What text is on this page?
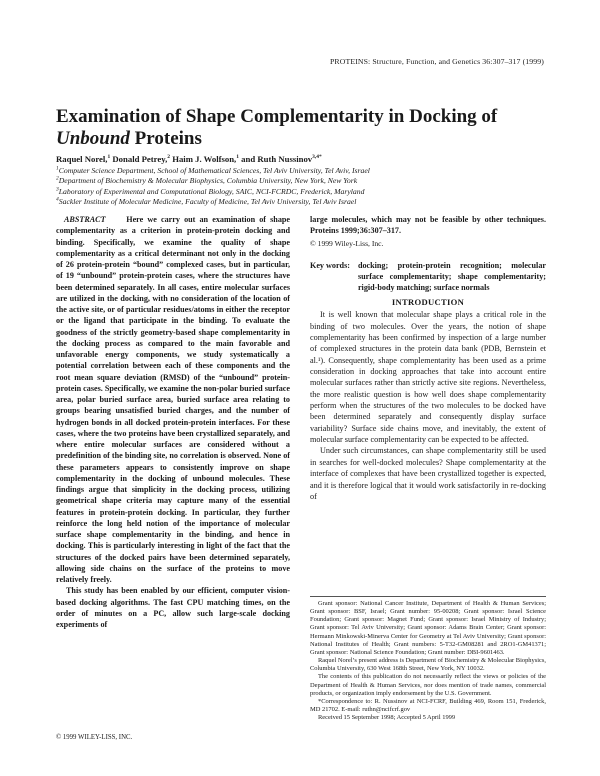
PROTEINS: Structure, Function, and Genetics 36:307–317 (1999)
Examination of Shape Complementarity in Docking of Unbound Proteins
Raquel Norel,$^1$ Donald Petrey,$^2$ Haim J. Wolfson,$^1$ and Ruth Nussinov$^{3,4*}$
$^1$Computer Science Department, School of Mathematical Sciences, Tel Aviv University, Tel Aviv, Israel
$^2$Department of Biochemistry & Molecular Biophysics, Columbia University, New York, New York
$^3$Laboratory of Experimental and Computational Biology, SAIC, NCI-FCRDC, Frederick, Maryland
$^4$Sackler Institute of Molecular Medicine, Faculty of Medicine, Tel Aviv University, Tel Aviv Israel

ABSTRACT	Here we carry out an examination of shape complementarity as a criterion in protein-protein docking and binding. Specifically, we examine the quality of shape complementarity as a critical determinant not only in the docking of 26 protein-protein “bound” complexed cases, but in particular, of 19 “unbound” protein-protein cases, where the structures have been determined separately. In all cases, entire molecular surfaces are utilized in the docking, with no consideration of the location of the active site, or of particular residues/atoms in either the receptor or the ligand that participate in the binding. To evaluate the goodness of the strictly geometry-based shape complementarity in the docking process as compared to the main favorable and unfavorable energy components, we study systematically a potential correlation between each of these components and the root mean square deviation (RMSD) of the “unbound” protein-protein cases. Specifically, we examine the non-polar buried surface area, polar buried surface area, buried surface area relating to groups bearing unsatisfied buried charges, and the number of hydrogen bonds in all docked protein-protein interfaces. For these cases, where the two proteins have been crystallized separately, and where entire molecular surfaces are considered without a predefinition of the binding site, no correlation is observed. None of these parameters appears to consistently improve on shape complementarity in the docking of unbound molecules. These findings argue that simplicity in the docking process, utilizing geometrical shape criteria may capture many of the essential features in protein-protein docking. In particular, they further reinforce the long held notion of the importance of molecular surface shape complementarity in the binding, and hence in docking. This is particularly interesting in light of the fact that the structures of the docked pairs have been determined separately, allowing side chains on the surface of the proteins to move relatively freely.

This study has been enabled by our efficient, computer vision-based docking algorithms. The fast CPU matching times, on the order of minutes on a PC, allow such large-scale docking experiments of

large molecules, which may not be feasible by other techniques. Proteins 1999;36:307–317.

© 1999 Wiley-Liss, Inc.

Key words: docking; protein-protein recognition; molecular surface complementarity; shape complementarity; rigid-body matching; surface normals
INTRODUCTION

It is well known that molecular shape plays a critical role in the binding of two molecules. Over the years, the notion of shape complementarity has been confirmed by inspection of a large number of complexed structures in the protein data bank (PDB, Bernstein et al.¹). Consequently, shape complementarity has been used as a prime consideration in docking approaches that take into account entire molecular surfaces rather than strictly active site regions. Nevertheless, the more realistic question is how well does shape complementarity perform when the structures of the two molecules to be docked have been determined separately and consequently display surface variability? Surface side chains move, and inevitably, the extent of molecular surface complementarity can be expected to be affected.

Under such circumstances, can shape complementarity still be used in searches for well-docked molecules? Shape complementarity at the interface of complexes that have been crystallized together is expected, and it is therefore logical that it would work satisfactorily in re-docking of

Grant sponsor: National Cancer Institute, Department of Health & Human Services; Grant sponsor: BSF, Israel; Grant number: 95-00208; Grant sponsor: Israel Science Foundation; Grant sponsor: Magnet Fund; Grant sponsor: Israel Ministry of Industry; Grant sponsor: Tel Aviv University; Grant sponsor: Adams Brain Center; Grant sponsor: Hermann Minkowski-Minerva Center for Geometry at Tel Aviv University; Grant sponsor: National Institutes of Health; Grant numbers: 5-T32-GM08281 and 2RO1-GM41371; Grant sponsor: National Science Foundation; Grant number: DBI-9601463.

Raquel Norel’s present address is Department of Biochemistry & Molecular Biophysics, Columbia University, 630 West 168th Street, New York, NY 10032.

The contents of this publication do not necessarily reflect the views or policies of the Department of Health & Human Services, nor does mention of trade names, commercial products, or organization imply endorsement by the U.S. Government.

*Correspondence to: R. Nussinov at NCI-FCRF, Building 469, Room 151, Frederick, MD 21702. E-mail: ruthn@ncifcrf.gov

Received 15 September 1998; Accepted 5 April 1999

© 1999 WILEY-LISS, INC.
